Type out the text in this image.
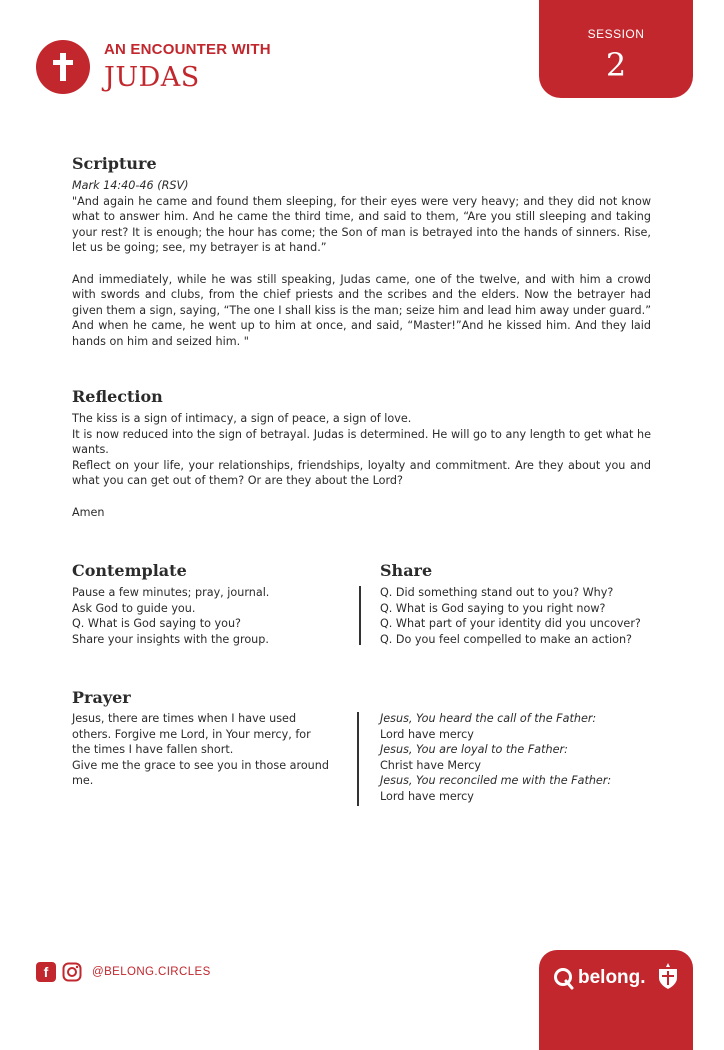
AN ENCOUNTER WITH
JUDAS
SESSION
2
Scripture

Mark 14:40-46 (RSV)

"And again he came and found them sleeping, for their eyes were very heavy; and they did not know what to answer him. And he came the third time, and said to them, “Are you still sleeping and taking your rest? It is enough; the hour has come; the Son of man is betrayed into the hands of sinners. Rise, let us be going; see, my betrayer is at hand.”

And immediately, while he was still speaking, Judas came, one of the twelve, and with him a crowd with swords and clubs, from the chief priests and the scribes and the elders. Now the betrayer had given them a sign, saying, “The one I shall kiss is the man; seize him and lead him away under guard.” And when he came, he went up to him at once, and said, “Master!”And he kissed him. And they laid hands on him and seized him. "

Reflection

The kiss is a sign of intimacy, a sign of peace, a sign of love.

It is now reduced into the sign of betrayal. Judas is determined. He will go to any length to get what he wants.

Reflect on your life, your relationships, friendships, loyalty and commitment. Are they about you and what you can get out of them? Or are they about the Lord?

Amen

Contemplate

Pause a few minutes; pray, journal.

Ask God to guide you.

Q. What is God saying to you?

Share your insights with the group.

Share

Q. Did something stand out to you? Why?

Q. What is God saying to you right now?

Q. What part of your identity did you uncover?

Q. Do you feel compelled to make an action?

Prayer

Jesus, there are times when I have used others. Forgive me Lord, in Your mercy, for the times I have fallen short.

Give me the grace to see you in those around me.

Jesus, You heard the call of the Father:

Lord have mercy

Jesus, You are loyal to the Father:

Christ have Mercy

Jesus, You reconciled me with the Father:

Lord have mercy

f	@BELONG.CIRCLES	belong.
